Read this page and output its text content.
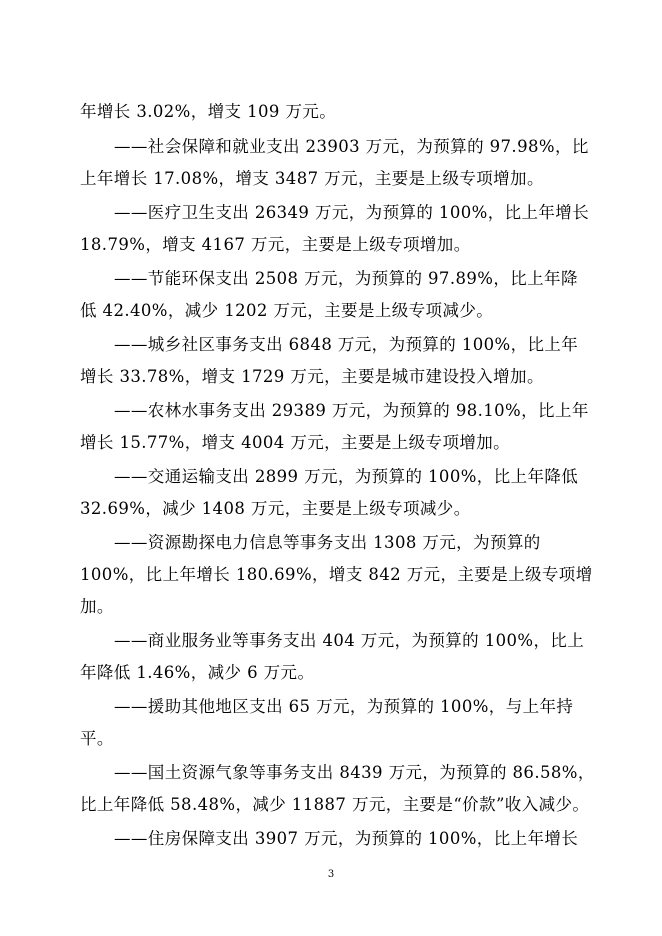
年增长 3.02%，增支 109 万元。
——社会保障和就业支出 23903 万元，为预算的 97.98%，比
上年增长 17.08%，增支 3487 万元，主要是上级专项增加。
——医疗卫生支出 26349 万元，为预算的 100%，比上年增长
18.79%，增支 4167 万元，主要是上级专项增加。
——节能环保支出 2508 万元，为预算的 97.89%，比上年降
低 42.40%，减少 1202 万元，主要是上级专项减少。
——城乡社区事务支出 6848 万元，为预算的 100%，比上年
增长 33.78%，增支 1729 万元，主要是城市建设投入增加。
——农林水事务支出 29389 万元，为预算的 98.10%，比上年
增长 15.77%，增支 4004 万元，主要是上级专项增加。
——交通运输支出 2899 万元，为预算的 100%，比上年降低
32.69%，减少 1408 万元，主要是上级专项减少。
——资源勘探电力信息等事务支出 1308 万元，为预算的
100%，比上年增长 180.69%，增支 842 万元，主要是上级专项增
加。
——商业服务业等事务支出 404 万元，为预算的 100%，比上
年降低 1.46%，减少 6 万元。
——援助其他地区支出 65 万元，为预算的 100%，与上年持
平。
——国土资源气象等事务支出 8439 万元，为预算的 86.58%，
比上年降低 58.48%，减少 11887 万元，主要是“价款”收入减少。
——住房保障支出 3907 万元，为预算的 100%，比上年增长
3
